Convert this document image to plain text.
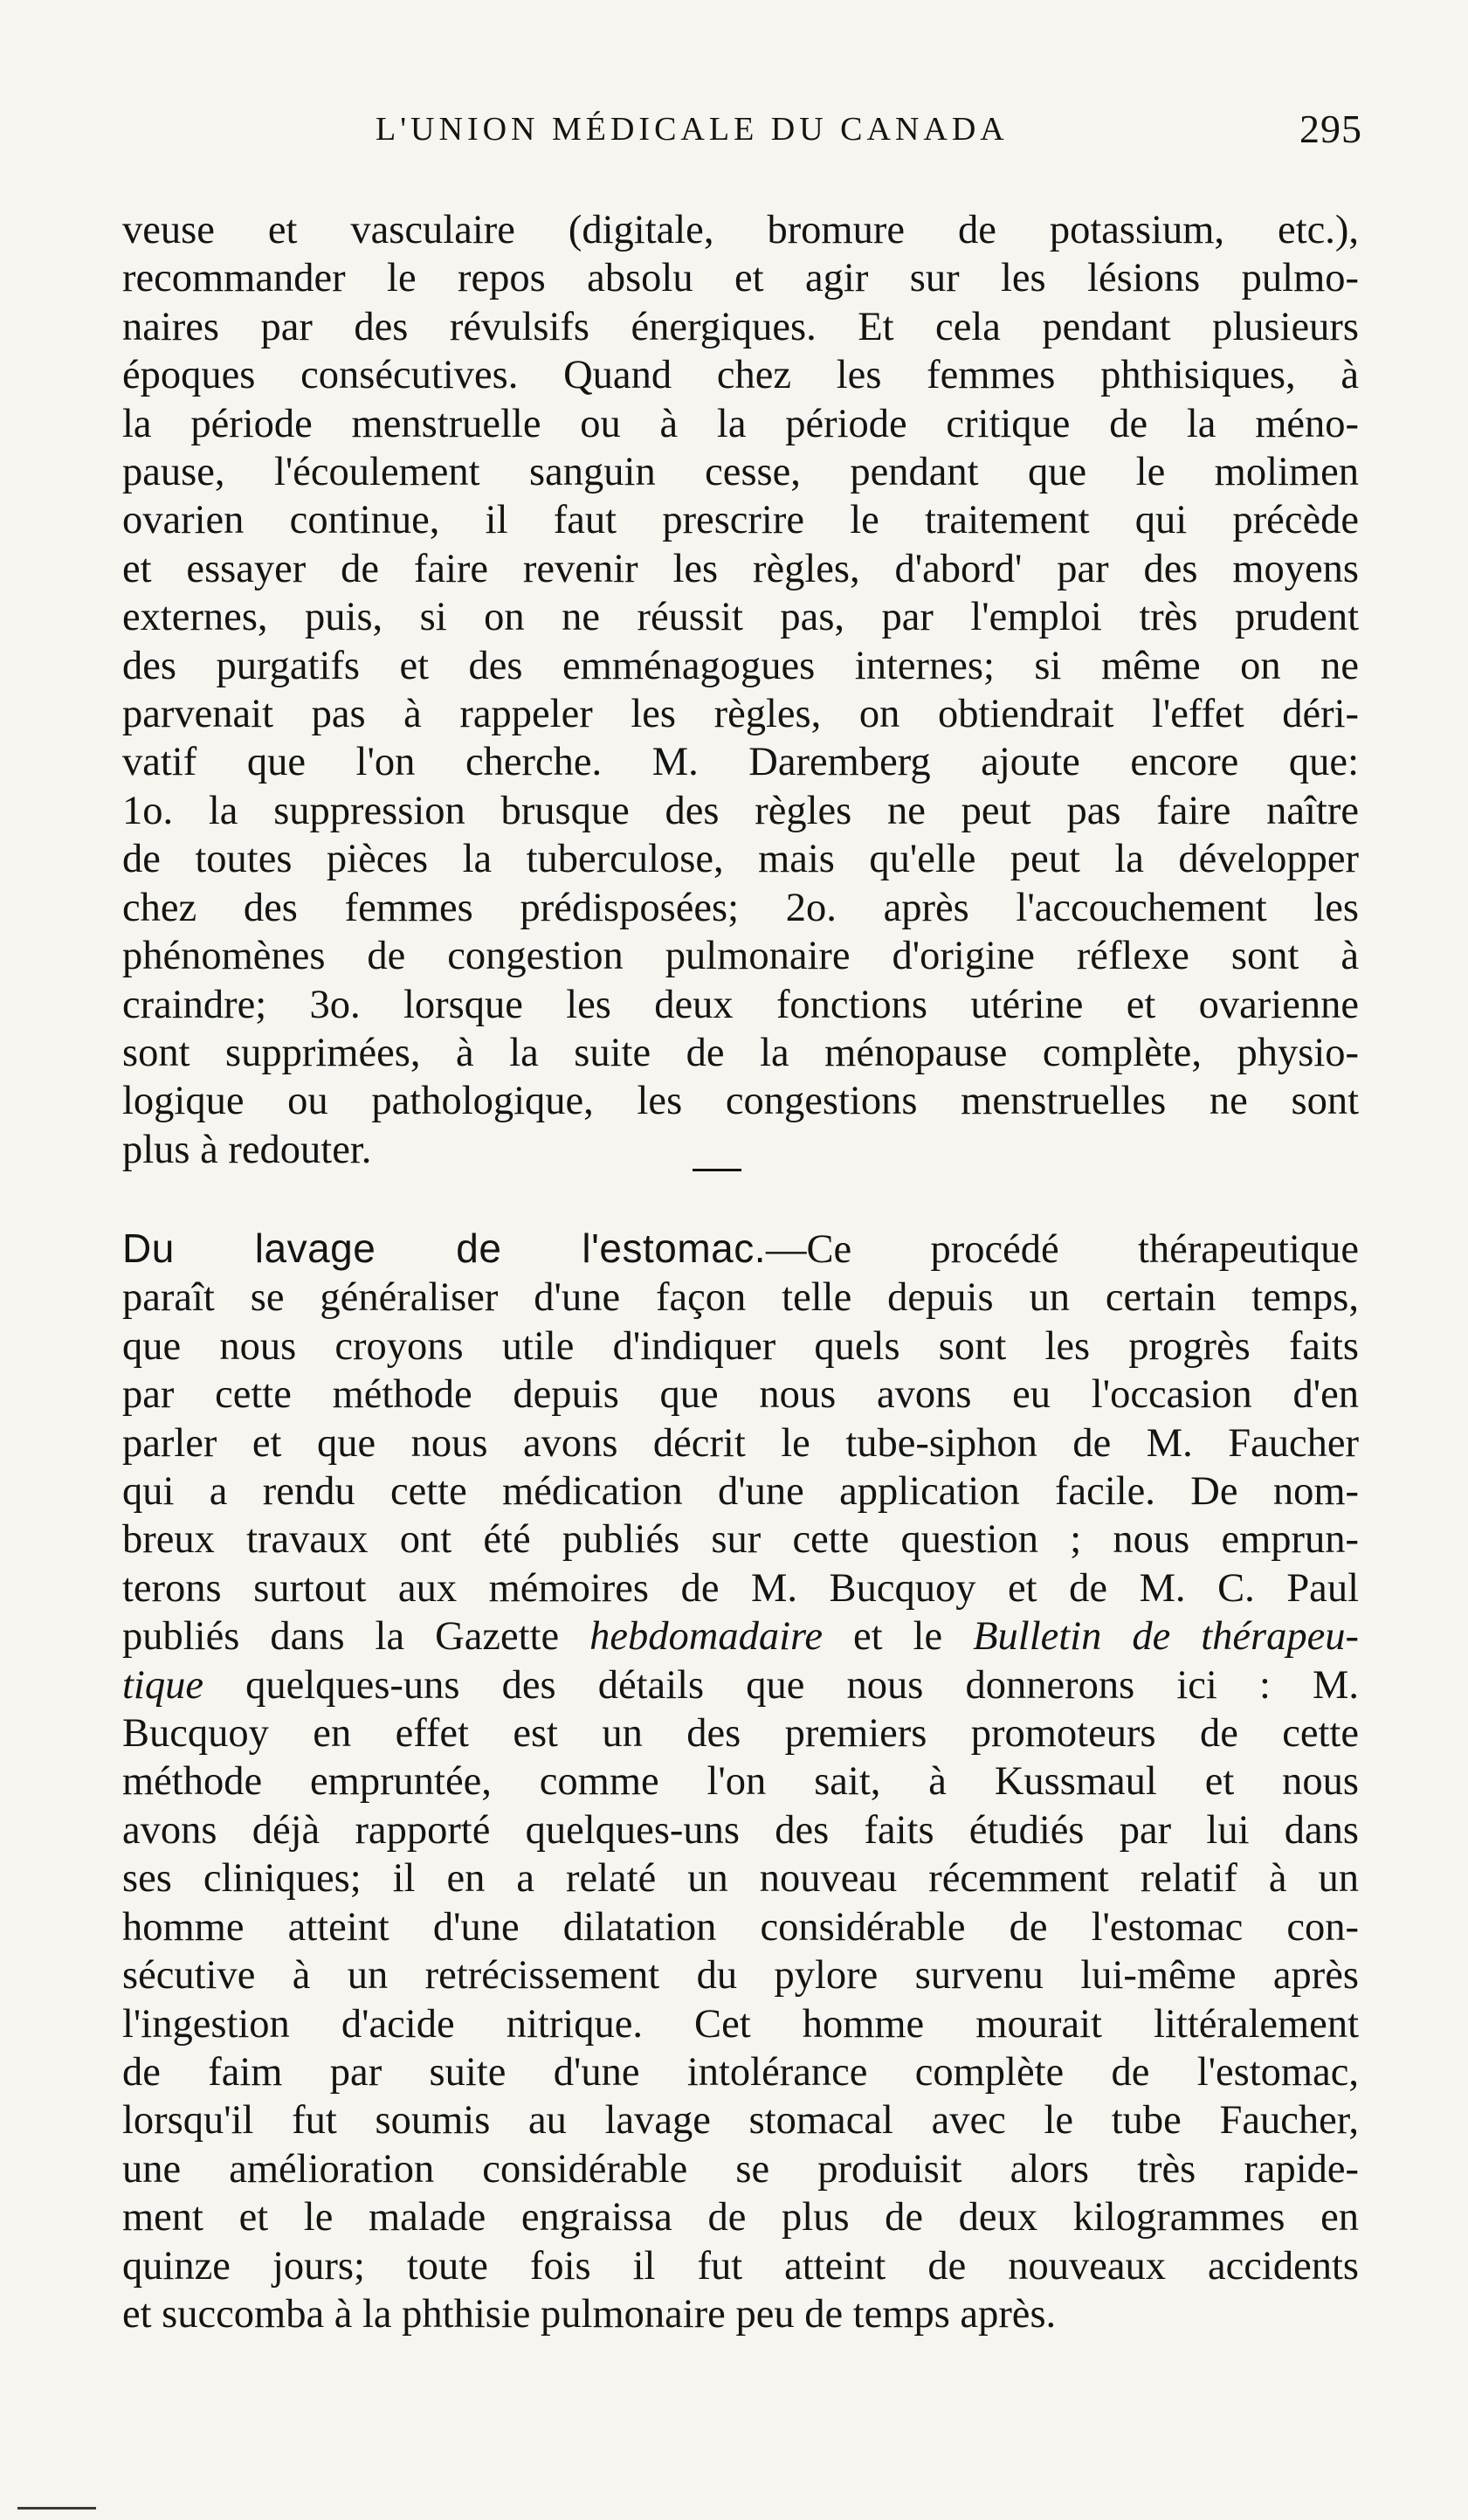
L'UNION MÉDICALE DU CANADA	295
veuse et vasculaire (digitale, bromure de potassium, etc.),
recommander le repos absolu et agir sur les lésions pulmo-
naires par des révulsifs énergiques. Et cela pendant plusieurs
époques consécutives. Quand chez les femmes phthisiques, à
la période menstruelle ou à la période critique de la méno-
pause, l'écoulement sanguin cesse, pendant que le molimen
ovarien continue, il faut prescrire le traitement qui précède
et essayer de faire revenir les règles, d'abord' par des moyens
externes, puis, si on ne réussit pas, par l'emploi très prudent
des purgatifs et des emménagogues internes; si même on ne
parvenait pas à rappeler les règles, on obtiendrait l'effet déri-
vatif que l'on cherche. M. Daremberg ajoute encore que:
1o. la suppression brusque des règles ne peut pas faire naître
de toutes pièces la tuberculose, mais qu'elle peut la développer
chez des femmes prédisposées; 2o. après l'accouchement les
phénomènes de congestion pulmonaire d'origine réflexe sont à
craindre; 3o. lorsque les deux fonctions utérine et ovarienne
sont supprimées, à la suite de la ménopause complète, physio-
logique ou pathologique, les congestions menstruelles ne sont
plus à redouter.
Du lavage de l'estomac.—Ce procédé thérapeutique
paraît se généraliser d'une façon telle depuis un certain temps,
que nous croyons utile d'indiquer quels sont les progrès faits
par cette méthode depuis que nous avons eu l'occasion d'en
parler et que nous avons décrit le tube-siphon de M. Faucher
qui a rendu cette médication d'une application facile. De nom-
breux travaux ont été publiés sur cette question ; nous emprun-
terons surtout aux mémoires de M. Bucquoy et de M. C. Paul
publiés dans la Gazette hebdomadaire et le Bulletin de thérapeu-
tique quelques-uns des détails que nous donnerons ici : M.
Bucquoy en effet est un des premiers promoteurs de cette
méthode empruntée, comme l'on sait, à Kussmaul et nous
avons déjà rapporté quelques-uns des faits étudiés par lui dans
ses cliniques; il en a relaté un nouveau récemment relatif à un
homme atteint d'une dilatation considérable de l'estomac con-
sécutive à un retrécissement du pylore survenu lui-même après
l'ingestion d'acide nitrique. Cet homme mourait littéralement
de faim par suite d'une intolérance complète de l'estomac,
lorsqu'il fut soumis au lavage stomacal avec le tube Faucher,
une amélioration considérable se produisit alors très rapide-
ment et le malade engraissa de plus de deux kilogrammes en
quinze jours; toute fois il fut atteint de nouveaux accidents
et succomba à la phthisie pulmonaire peu de temps après.
